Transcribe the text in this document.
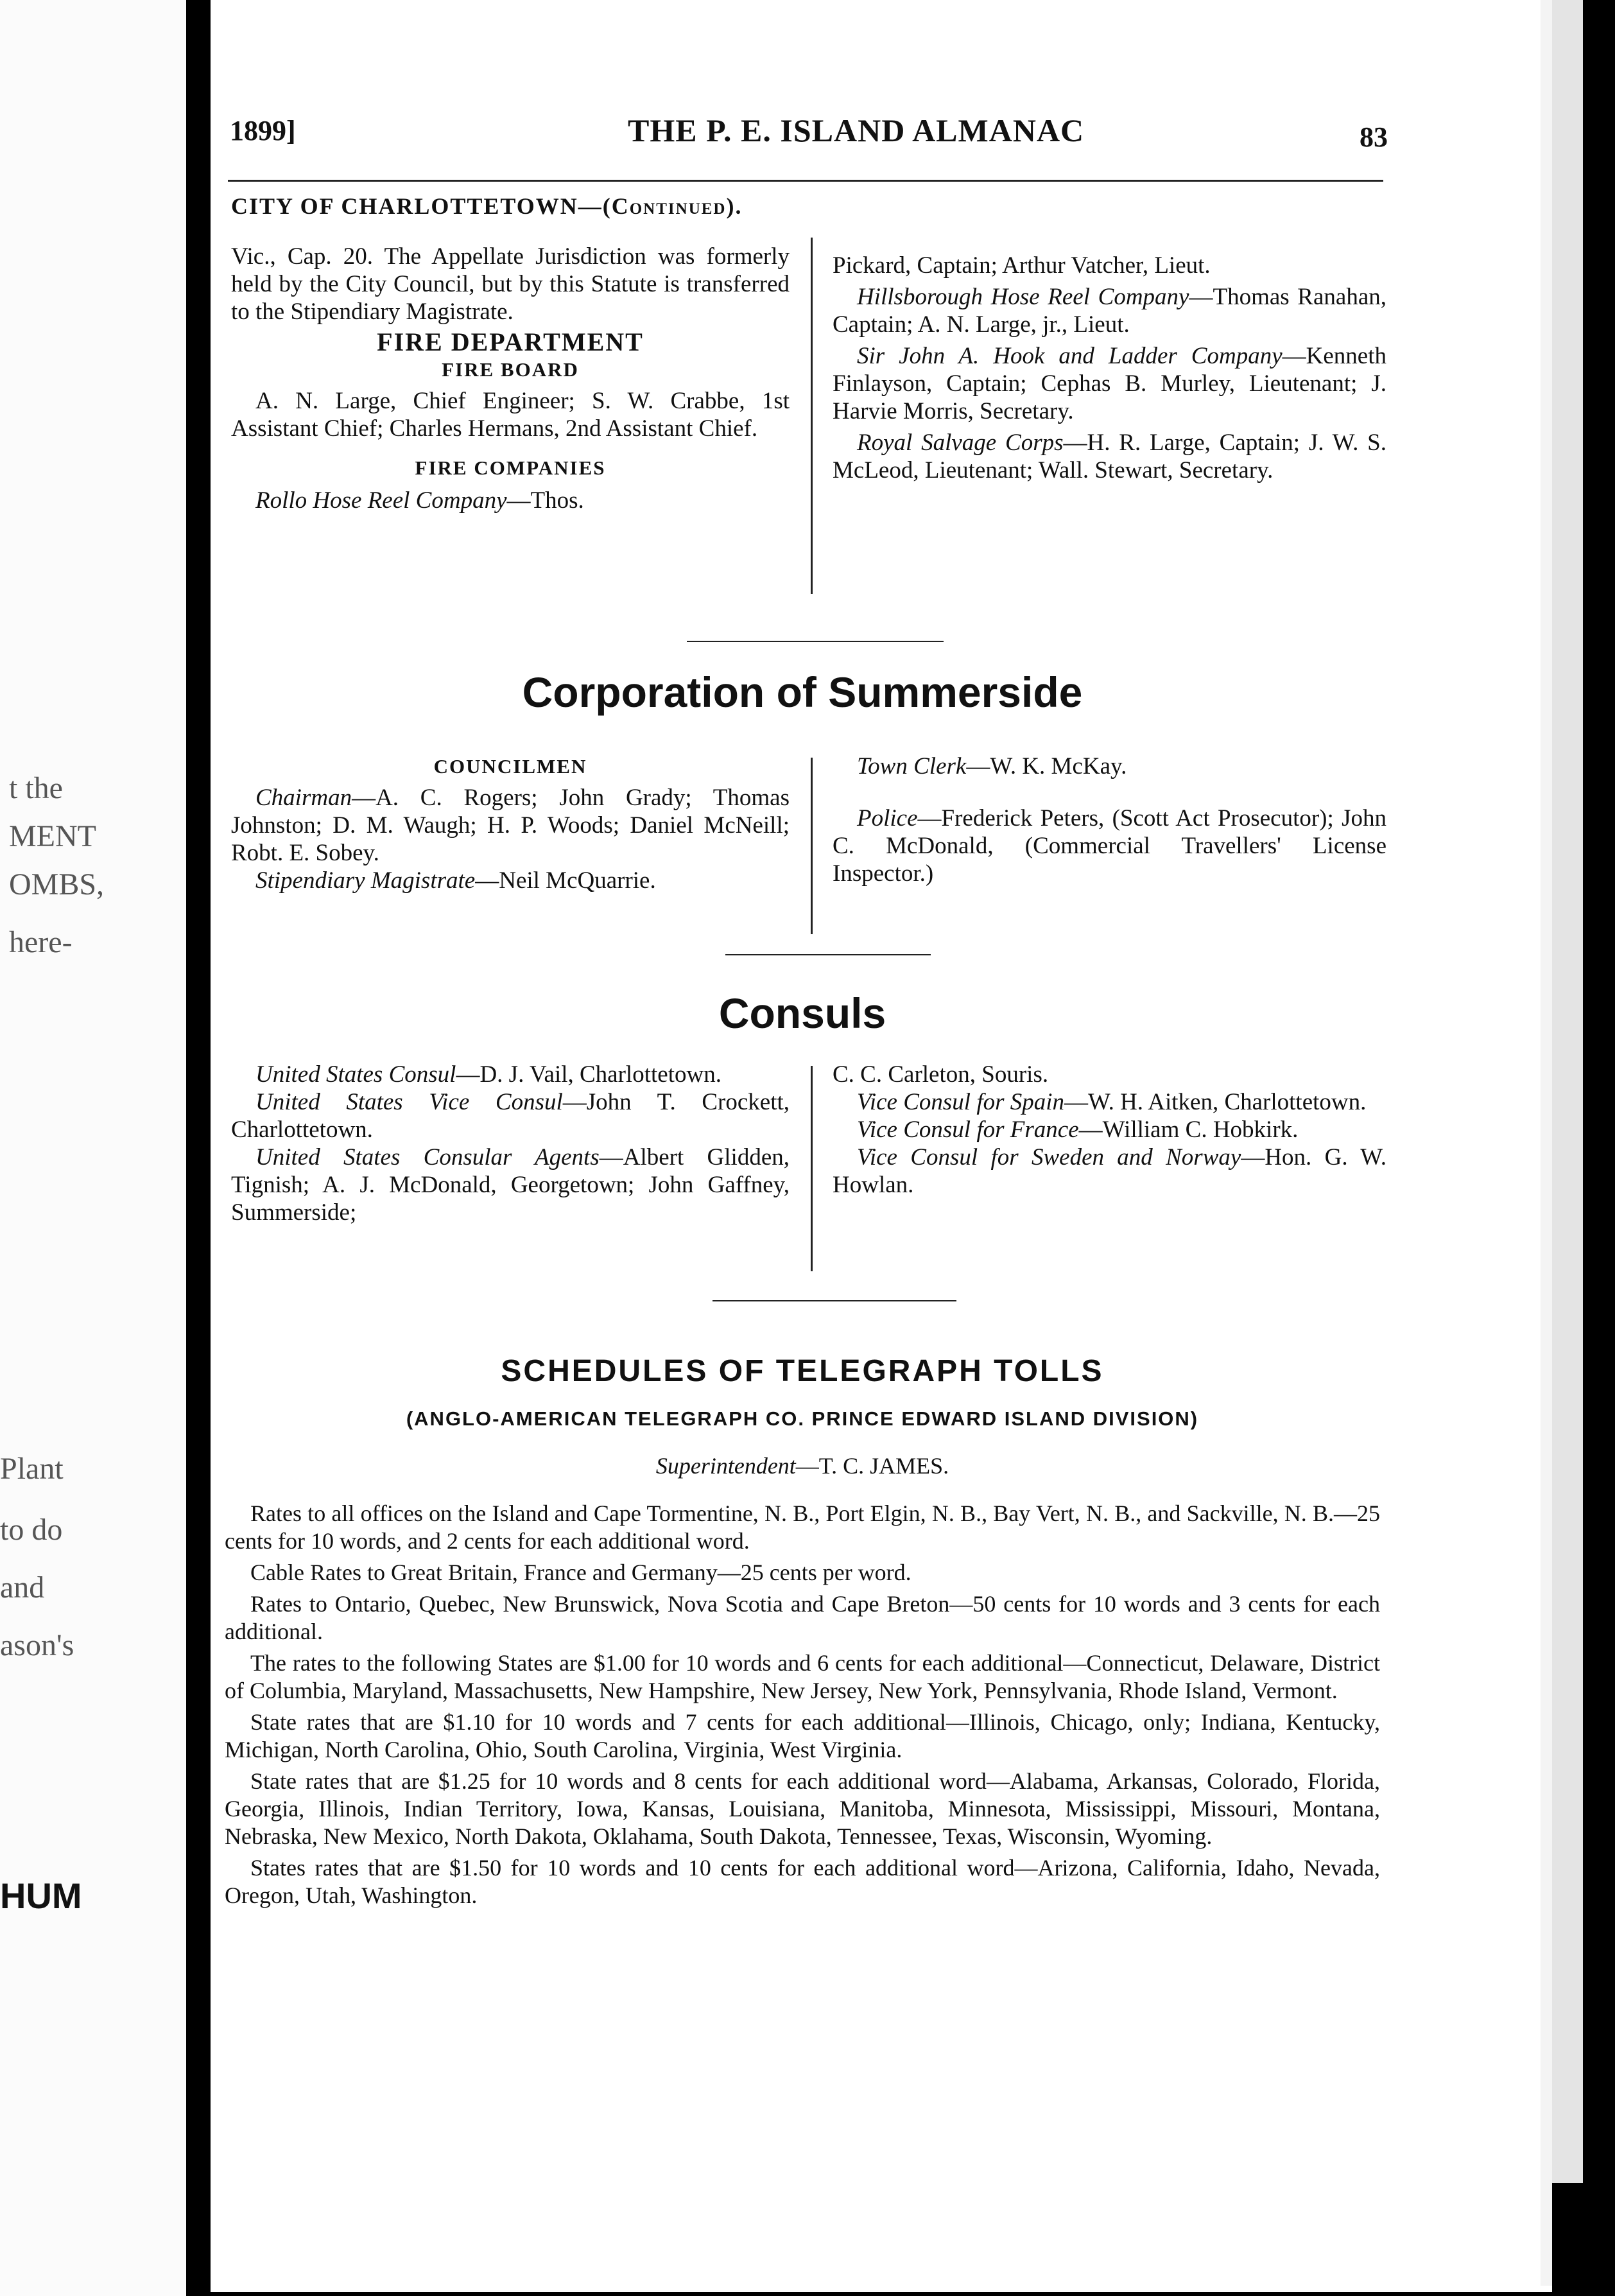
t the
MENT
OMBS,
here-
Plant
to do
and
ason's
HUM
1899]	THE P. E. ISLAND ALMANAC	83
CITY OF CHARLOTTETOWN—(Continued).

Vic., Cap. 20. The Appellate Jurisdiction was formerly held by the City Council, but by this Statute is transferred to the Stipendiary Magistrate.

FIRE DEPARTMENT
FIRE BOARD

A. N. Large, Chief Engineer; S. W. Crabbe, 1st Assistant Chief; Charles Hermans, 2nd Assistant Chief.

FIRE COMPANIES

Rollo Hose Reel Company—Thos.

Pickard, Captain; Arthur Vatcher, Lieut.

Hillsborough Hose Reel Company—Thomas Ranahan, Captain; A. N. Large, jr., Lieut.

Sir John A. Hook and Ladder Company—Kenneth Finlayson, Captain; Cephas B. Murley, Lieutenant; J. Harvie Morris, Secretary.

Royal Salvage Corps—H. R. Large, Captain; J. W. S. McLeod, Lieutenant; Wall. Stewart, Secretary.

Corporation of Summerside
COUNCILMEN

Chairman—A. C. Rogers; John Grady; Thomas Johnston; D. M. Waugh; H. P. Woods; Daniel McNeill; Robt. E. Sobey.

Stipendiary Magistrate—Neil McQuarrie.

Town Clerk—W. K. McKay.

Police—Frederick Peters, (Scott Act Prosecutor); John C. McDonald, (Commercial Travellers' License Inspector.)

Consuls

United States Consul—D. J. Vail, Charlottetown.

United States Vice Consul—John T. Crockett, Charlottetown.

United States Consular Agents—Albert Glidden, Tignish; A. J. McDonald, Georgetown; John Gaffney, Summerside;

C. C. Carleton, Souris.

Vice Consul for Spain—W. H. Aitken, Charlottetown.

Vice Consul for France—William C. Hobkirk.

Vice Consul for Sweden and Norway—Hon. G. W. Howlan.

SCHEDULES OF TELEGRAPH TOLLS
(ANGLO-AMERICAN TELEGRAPH CO. PRINCE EDWARD ISLAND DIVISION)
Superintendent—T. C. JAMES.

Rates to all offices on the Island and Cape Tormentine, N. B., Port Elgin, N. B., Bay Vert, N. B., and Sackville, N. B.—25 cents for 10 words, and 2 cents for each additional word.

Cable Rates to Great Britain, France and Germany—25 cents per word.

Rates to Ontario, Quebec, New Brunswick, Nova Scotia and Cape Breton—50 cents for 10 words and 3 cents for each additional.

The rates to the following States are $1.00 for 10 words and 6 cents for each additional—Connecticut, Delaware, District of Columbia, Maryland, Massachusetts, New Hampshire, New Jersey, New York, Pennsylvania, Rhode Island, Vermont.

State rates that are $1.10 for 10 words and 7 cents for each additional—Illinois, Chicago, only; Indiana, Kentucky, Michigan, North Carolina, Ohio, South Carolina, Virginia, West Virginia.

State rates that are $1.25 for 10 words and 8 cents for each additional word—Alabama, Arkansas, Colorado, Florida, Georgia, Illinois, Indian Territory, Iowa, Kansas, Louisiana, Manitoba, Minnesota, Mississippi, Missouri, Montana, Nebraska, New Mexico, North Dakota, Oklahama, South Dakota, Tennessee, Texas, Wisconsin, Wyoming.

States rates that are $1.50 for 10 words and 10 cents for each additional word—Arizona, California, Idaho, Nevada, Oregon, Utah, Washington.
